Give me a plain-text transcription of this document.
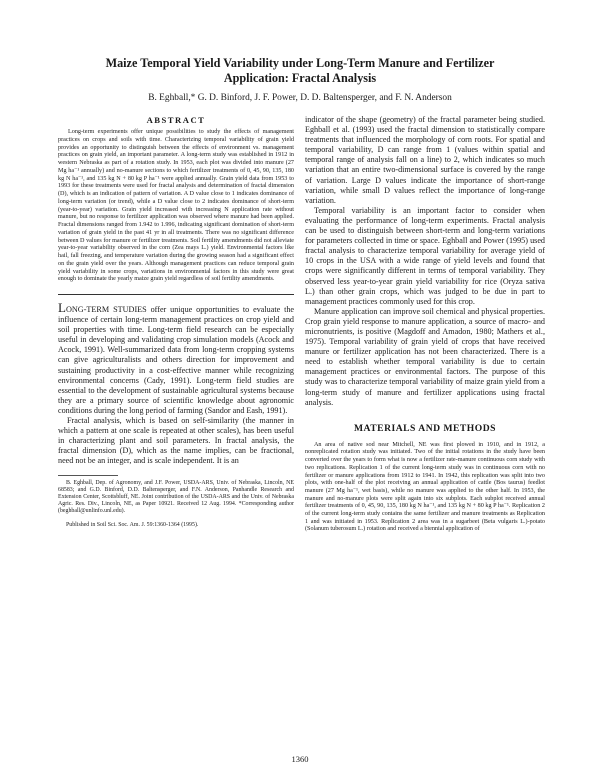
Maize Temporal Yield Variability under Long-Term Manure and Fertilizer
Application: Fractal Analysis
B. Eghball,* G. D. Binford, J. F. Power, D. D. Baltensperger, and F. N. Anderson
ABSTRACT

Long-term experiments offer unique possibilities to study the effects of management practices on crops and soils with time. Characterizing temporal variability of grain yield provides an opportunity to distinguish between the effects of environment vs. management practices on grain yield, an important parameter. A long-term study was established in 1912 in western Nebraska as part of a rotation study. In 1953, each plot was divided into manure (27 Mg ha⁻¹ annually) and no-manure sections to which fertilizer treatments of 0, 45, 90, 135, 180 kg N ha⁻¹, and 135 kg N + 80 kg P ha⁻¹ were applied annually. Grain yield data from 1953 to 1993 for these treatments were used for fractal analysis and determination of fractal dimension (D), which is an indication of pattern of variation. A D value close to 1 indicates dominance of long-term variation (or trend), while a D value close to 2 indicates dominance of short-term (year-to-year) variation. Grain yield increased with increasing N application rate without manure, but no response to fertilizer application was observed where manure had been applied. Fractal dimensions ranged from 1.942 to 1.996, indicating significant domination of short-term variation of grain yield in the past 41 yr in all treatments. There was no significant difference between D values for manure or fertilizer treatments. Soil fertility amendments did not alleviate year-to-year variability observed in the corn (Zea mays L.) yield. Environmental factors like hail, fall freezing, and temperature variation during the growing season had a significant effect on the grain yield over the years. Although management practices can reduce temporal grain yield variability in some crops, variations in environmental factors in this study were great enough to dominate the yearly maize grain yield regardless of soil fertility amendments.

LONG-TERM STUDIES offer unique opportunities to evaluate the influence of certain long-term management practices on crop yield and soil properties with time. Long-term field research can be especially useful in developing and validating crop simulation models (Acock and Acock, 1991). Well-summarized data from long-term cropping systems can give agriculturalists and others direction for improvement and sustaining productivity in a cost-effective manner while recognizing environmental concerns (Cady, 1991). Long-term field studies are essential to the development of sustainable agricultural systems because they are a primary source of scientific knowledge about agronomic conditions during the long period of farming (Sandor and Eash, 1991).

Fractal analysis, which is based on self-similarity (the manner in which a pattern at one scale is repeated at other scales), has been useful in characterizing plant and soil parameters. In fractal analysis, the fractal dimension (D), which as the name implies, can be fractional, need not be an integer, and is scale independent. It is an

B. Eghball, Dep. of Agronomy, and J.F. Power, USDA-ARS, Univ. of Nebraska, Lincoln, NE 68583; and G.D. Binford, D.D. Baltensperger, and F.N. Anderson, Panhandle Research and Extension Center, Scottsbluff, NE. Joint contribution of the USDA-ARS and the Univ. of Nebraska Agric. Res. Div., Lincoln, NE, as Paper 10921. Received 12 Aug. 1994. *Corresponding author (beghball@unlinfo.unl.edu).

Published in Soil Sci. Soc. Am. J. 59:1360-1364 (1995).

indicator of the shape (geometry) of the fractal parameter being studied. Eghball et al. (1993) used the fractal dimension to statistically compare treatments that influenced the morphology of corn roots. For spatial and temporal variability, D can range from 1 (values within spatial and temporal range of analysis fall on a line) to 2, which indicates so much variation that an entire two-dimensional surface is covered by the range of variation. Large D values indicate the importance of short-range variation, while small D values reflect the importance of long-range variation.

Temporal variability is an important factor to consider when evaluating the performance of long-term experiments. Fractal analysis can be used to distinguish between short-term and long-term variations for parameters collected in time or space. Eghball and Power (1995) used fractal analysis to characterize temporal variability for average yield of 10 crops in the USA with a wide range of yield levels and found that crops were significantly different in terms of temporal variability. They observed less year-to-year grain yield variability for rice (Oryza sativa L.) than other grain crops, which was judged to be due in part to management practices commonly used for this crop.

Manure application can improve soil chemical and physical properties. Crop grain yield response to manure application, a source of macro- and micronutrients, is positive (Magdoff and Amadon, 1980; Mathers et al., 1975). Temporal variability of grain yield of crops that have received manure or fertilizer application has not been characterized. There is a need to establish whether temporal variability is due to certain management practices or environmental factors. The purpose of this study was to characterize temporal variability of maize grain yield from a long-term study of manure and fertilizer applications using fractal analysis.

MATERIALS AND METHODS

An area of native sod near Mitchell, NE was first plowed in 1910, and in 1912, a nonreplicated rotation study was initiated. Two of the initial rotations in the study have been converted over the years to form what is now a fertilizer rate-manure continuous corn study with two replications. Replication 1 of the current long-term study was in continuous corn with no fertilizer or manure applications from 1912 to 1941. In 1942, this replication was split into two plots, with one-half of the plot receiving an annual application of cattle (Bos taurus) feedlot manure (27 Mg ha⁻¹, wet basis), while no manure was applied to the other half. In 1953, the manure and no-manure plots were split again into six subplots. Each subplot received annual fertilizer treatments of 0, 45, 90, 135, 180 kg N ha⁻¹, and 135 kg N + 80 kg P ha⁻¹. Replication 2 of the current long-term study contains the same fertilizer and manure treatments as Replication 1 and was initiated in 1953. Replication 2 area was in a sugarbeet (Beta vulgaris L.)-potato (Solanum tuberosum L.) rotation and received a biennial application of

1360
